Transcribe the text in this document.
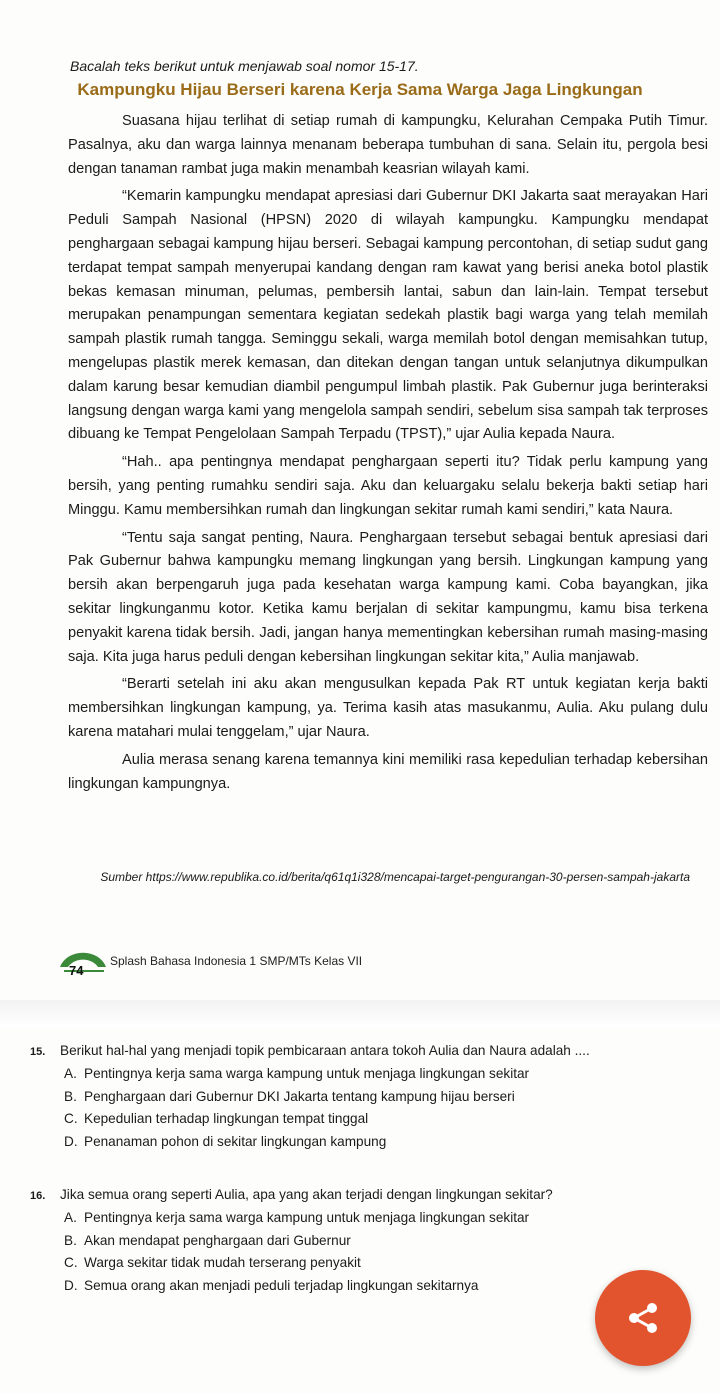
Bacalah teks berikut untuk menjawab soal nomor 15-17.
Kampungku Hijau Berseri karena Kerja Sama Warga Jaga Lingkungan

Suasana hijau terlihat di setiap rumah di kampungku, Kelurahan Cempaka Putih Timur. Pasalnya, aku dan warga lainnya menanam beberapa tumbuhan di sana. Selain itu, pergola besi dengan tanaman rambat juga makin menambah keasrian wilayah kami.

“Kemarin kampungku mendapat apresiasi dari Gubernur DKI Jakarta saat merayakan Hari Peduli Sampah Nasional (HPSN) 2020 di wilayah kampungku. Kampungku mendapat penghargaan sebagai kampung hijau berseri. Sebagai kampung percontohan, di setiap sudut gang terdapat tempat sampah menyerupai kandang dengan ram kawat yang berisi aneka botol plastik bekas kemasan minuman, pelumas, pembersih lantai, sabun dan lain-lain. Tempat tersebut merupakan penampungan sementara kegiatan sedekah plastik bagi warga yang telah memilah sampah plastik rumah tangga. Seminggu sekali, warga memilah botol dengan memisahkan tutup, mengelupas plastik merek kemasan, dan ditekan dengan tangan untuk selanjutnya dikumpulkan dalam karung besar kemudian diambil pengumpul limbah plastik. Pak Gubernur juga berinteraksi langsung dengan warga kami yang mengelola sampah sendiri, sebelum sisa sampah tak terproses dibuang ke Tempat Pengelolaan Sampah Terpadu (TPST),” ujar Aulia kepada Naura.

“Hah.. apa pentingnya mendapat penghargaan seperti itu? Tidak perlu kampung yang bersih, yang penting rumahku sendiri saja. Aku dan keluargaku selalu bekerja bakti setiap hari Minggu. Kamu membersihkan rumah dan lingkungan sekitar rumah kami sendiri,” kata Naura.

“Tentu saja sangat penting, Naura. Penghargaan tersebut sebagai bentuk apresiasi dari Pak Gubernur bahwa kampungku memang lingkungan yang bersih. Lingkungan kampung yang bersih akan berpengaruh juga pada kesehatan warga kampung kami. Coba bayangkan, jika sekitar lingkunganmu kotor. Ketika kamu berjalan di sekitar kampungmu, kamu bisa terkena penyakit karena tidak bersih. Jadi, jangan hanya mementingkan kebersihan rumah masing-masing saja. Kita juga harus peduli dengan kebersihan lingkungan sekitar kita,” Aulia manjawab.

“Berarti setelah ini aku akan mengusulkan kepada Pak RT untuk kegiatan kerja bakti membersihkan lingkungan kampung, ya. Terima kasih atas masukanmu, Aulia. Aku pulang dulu karena matahari mulai tenggelam,” ujar Naura.

Aulia merasa senang karena temannya kini memiliki rasa kepedulian terhadap kebersihan lingkungan kampungnya.

Sumber https://www.republika.co.id/berita/q61q1i328/mencapai-target-pengurangan-30-persen-sampah-jakarta
74
Splash Bahasa Indonesia 1 SMP/MTs Kelas VII
15. Berikut hal-hal yang menjadi topik pembicaraan antara tokoh Aulia dan Naura adalah ....
A. Pentingnya kerja sama warga kampung untuk menjaga lingkungan sekitar
B. Penghargaan dari Gubernur DKI Jakarta tentang kampung hijau berseri
C. Kepedulian terhadap lingkungan tempat tinggal
D. Penanaman pohon di sekitar lingkungan kampung
16. Jika semua orang seperti Aulia, apa yang akan terjadi dengan lingkungan sekitar?
A. Pentingnya kerja sama warga kampung untuk menjaga lingkungan sekitar
B. Akan mendapat penghargaan dari Gubernur
C. Warga sekitar tidak mudah terserang penyakit
D. Semua orang akan menjadi peduli terjadap lingkungan sekitarnya
